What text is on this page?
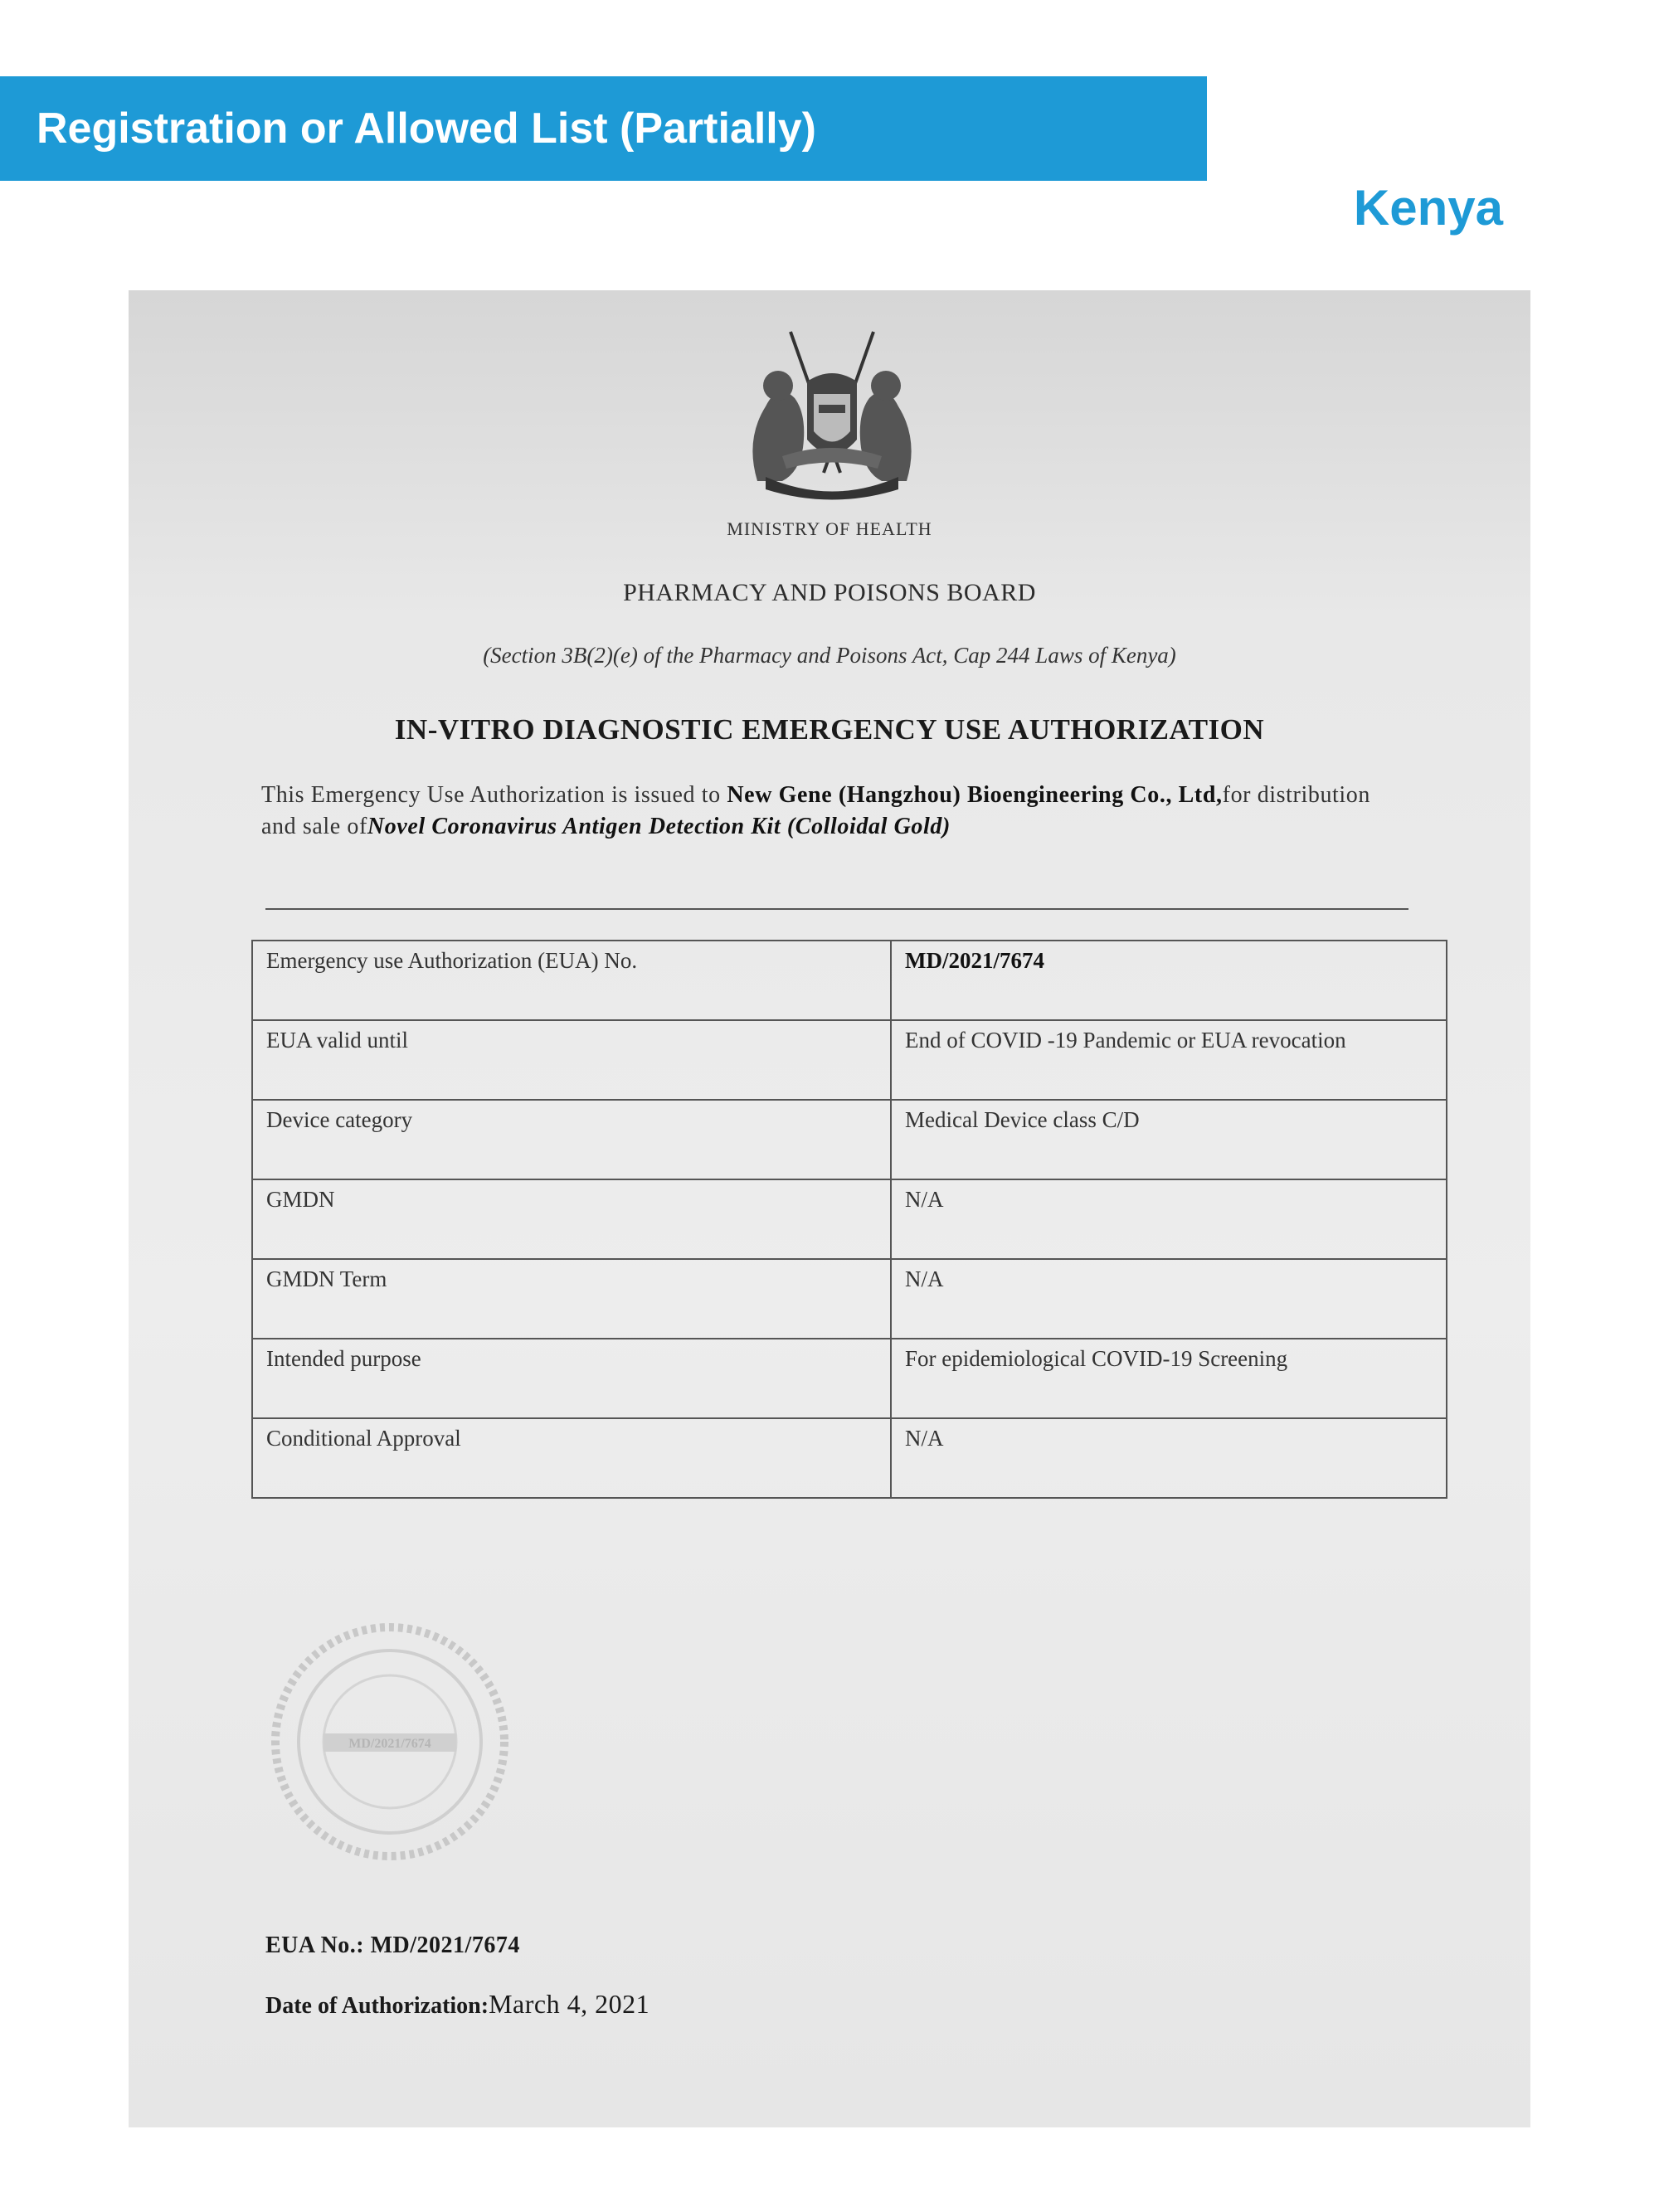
Registration or Allowed List (Partially)
Kenya
MINISTRY OF HEALTH
PHARMACY AND POISONS BOARD
(Section 3B(2)(e) of the Pharmacy and Poisons Act, Cap 244 Laws of Kenya)
IN-VITRO DIAGNOSTIC EMERGENCY USE AUTHORIZATION
This Emergency Use Authorization is issued to New Gene (Hangzhou) Bioengineering Co., Ltd,for distribution and sale ofNovel Coronavirus Antigen Detection Kit (Colloidal Gold)
Emergency use Authorization (EUA) No.	MD/2021/7674
EUA valid until	End of COVID -19 Pandemic or EUA revocation
Device category	Medical Device class C/D
GMDN	N/A
GMDN Term	N/A
Intended purpose	For epidemiological COVID-19 Screening
Conditional Approval	N/A
MD/2021/7674
EUA No.: MD/2021/7674
Date of Authorization:March 4, 2021
